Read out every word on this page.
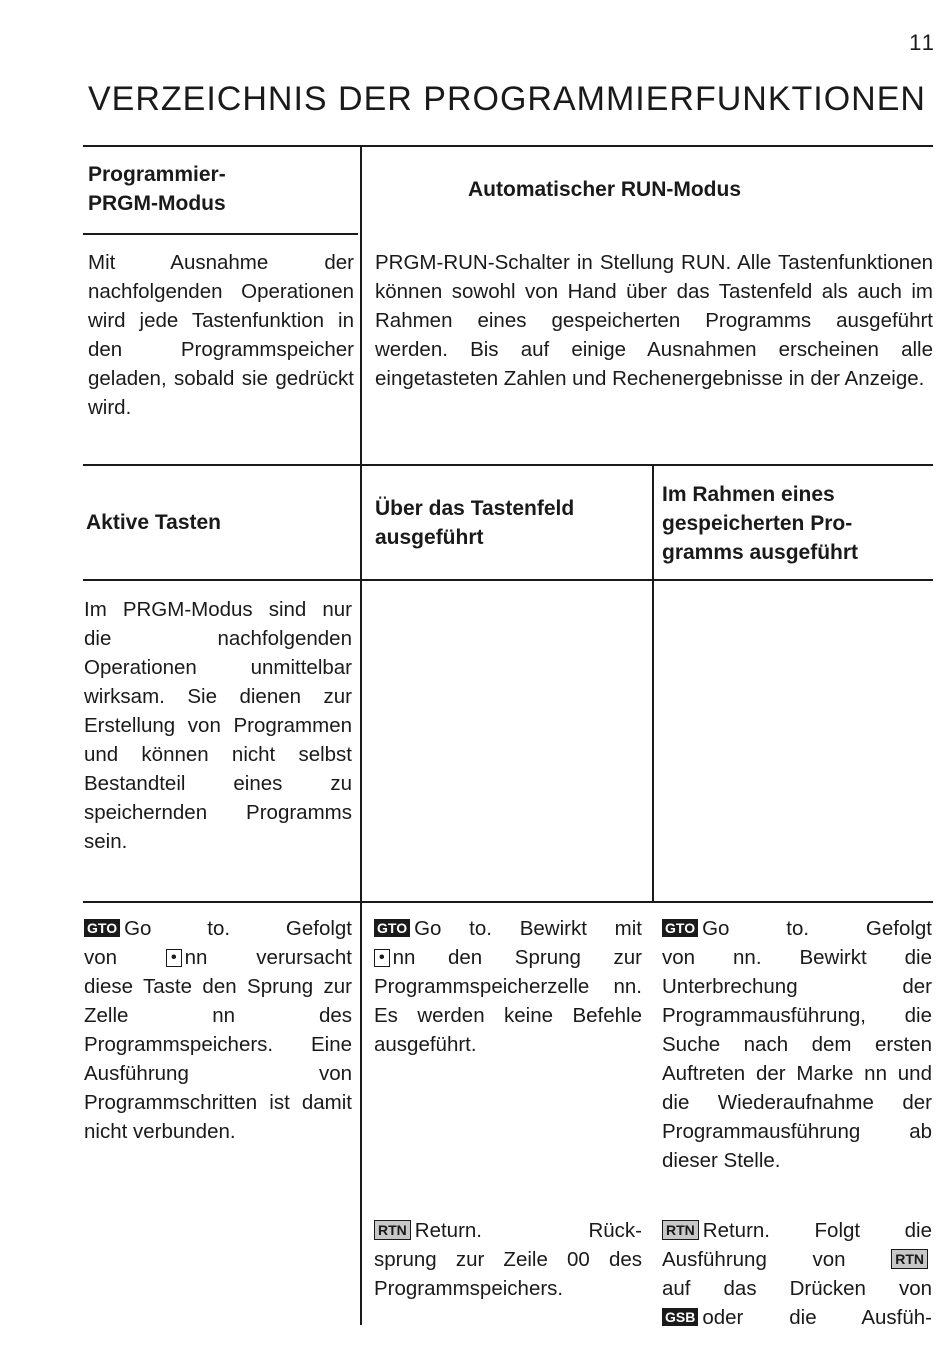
11
VERZEICHNIS DER PROGRAMMIERFUNKTIONEN
Programmier-
PRGM-Modus
Automatischer RUN-Modus
Mit Ausnahme der nachfolgenden Operationen wird jede Tastenfunktion in den Programmspeicher geladen, sobald sie gedrückt wird.
PRGM-RUN-Schalter in Stellung RUN. Alle Tastenfunktionen können sowohl von Hand über das Tastenfeld als auch im Rahmen eines gespeicherten Programms ausgeführt werden. Bis auf einige Ausnahmen erscheinen alle eingetasteten Zahlen und Rechenergebnisse in der Anzeige.
Aktive Tasten
Über das Tastenfeld
ausgeführt
Im Rahmen eines
gespeicherten Pro-
gramms ausgeführt
Im PRGM-Modus sind nur die nachfolgenden Operationen unmittelbar wirksam. Sie dienen zur Erstellung von Programmen und können nicht selbst Bestandteil eines zu speichernden Programms sein.
GTO Go to. Gefolgt
von	• nn verursacht
diese Taste den Sprung zur Zelle nn des Programmspeichers. Eine Ausführung von Programmschritten ist damit nicht verbunden.
GTO Go to. Bewirkt mit
• nn den Sprung zur
Programmspeicherzelle nn. Es werden keine Befehle ausgeführt.
GTO Go to. Gefolgt
von nn. Bewirkt die Unterbrechung der Programmausführung, die Suche nach dem ersten Auftreten der Marke nn und die Wiederaufnahme der Programmausführung ab dieser Stelle.
RTN Return. Rück-
sprung zur Zeile 00 des Programmspeichers.
RTN Return. Folgt die
Ausführung von	RTN
auf das Drücken von
GSB oder die Ausfüh-
